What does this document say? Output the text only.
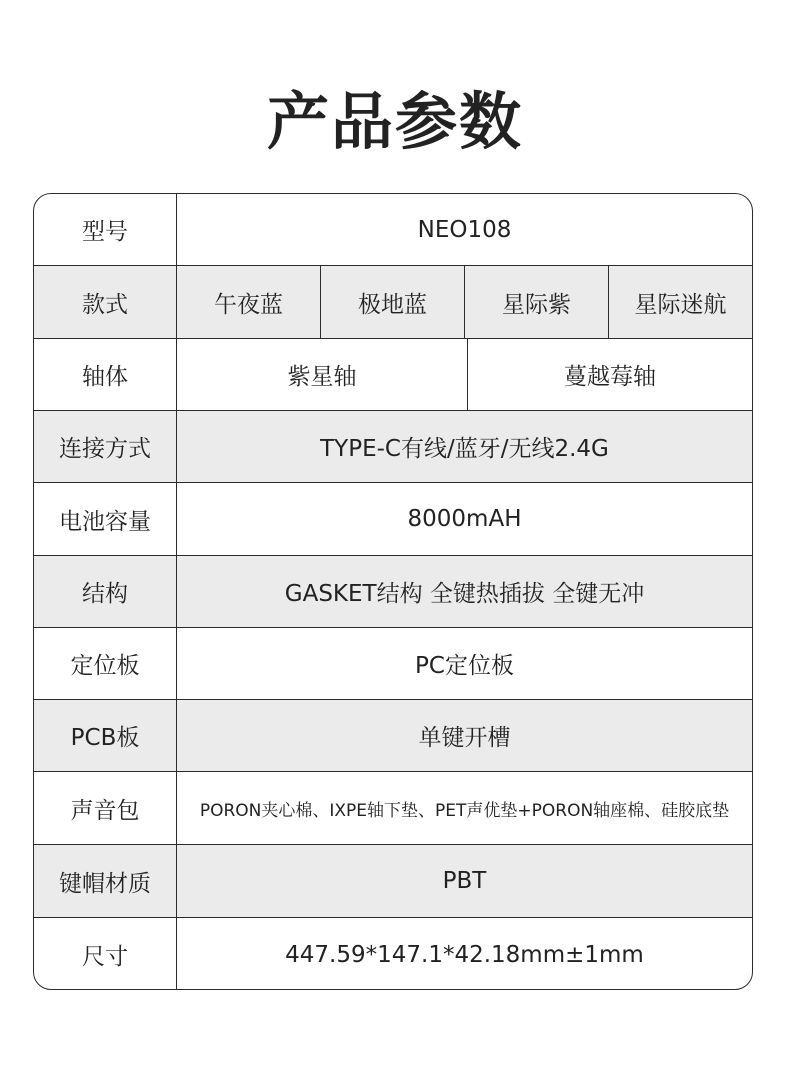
产品参数
型号	NEO108
款式	午夜蓝	极地蓝	星际紫	星际迷航
轴体	紫星轴	蔓越莓轴
连接方式	TYPE-C有线/蓝牙/无线2.4G
电池容量	8000mAH
结构	GASKET结构 全键热插拔 全键无冲
定位板	PC定位板
PCB板	单键开槽
声音包	PORON夹心棉、IXPE轴下垫、PET声优垫+PORON轴座棉、硅胶底垫
键帽材质	PBT
尺寸	447.59*147.1*42.18mm±1mm
